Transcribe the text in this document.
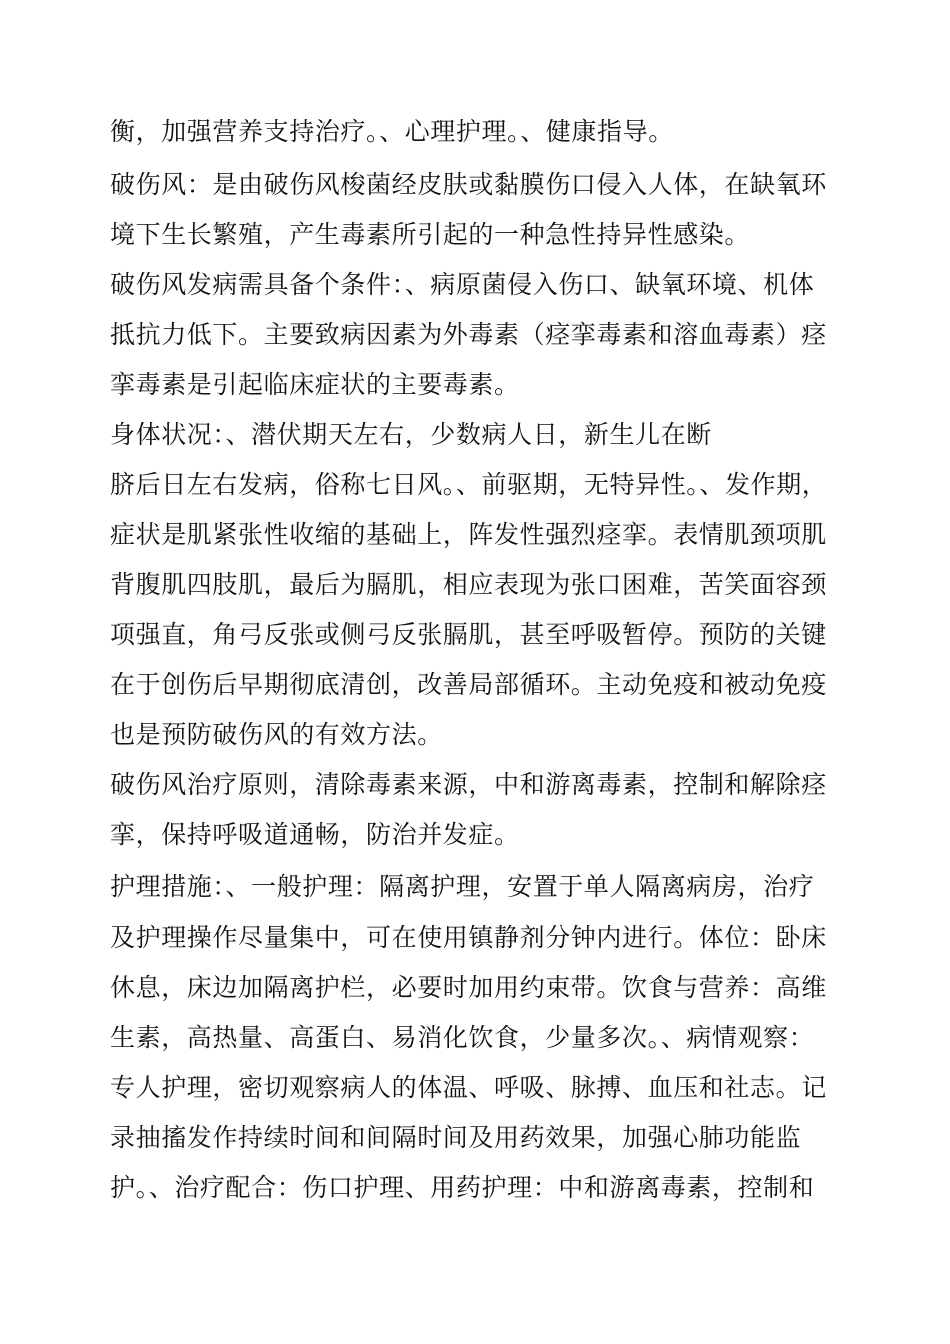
衡，加强营养支持治疗。、心理护理。、健康指导。
破伤风：是由破伤风梭菌经皮肤或黏膜伤口侵入人体，在缺氧环
境下生长繁殖，产生毒素所引起的一种急性持异性感染。
破伤风发病需具备个条件：、病原菌侵入伤口、缺氧环境、机体
抵抗力低下。主要致病因素为外毒素（痉挛毒素和溶血毒素）痉
挛毒素是引起临床症状的主要毒素。
身体状况：、潜伏期天左右，少数病人日，新生儿在断
脐后日左右发病，俗称七日风。、前驱期，无特异性。、发作期，
症状是肌紧张性收缩的基础上，阵发性强烈痉挛。表情肌颈项肌
背腹肌四肢肌，最后为膈肌，相应表现为张口困难，苦笑面容颈
项强直，角弓反张或侧弓反张膈肌，甚至呼吸暂停。预防的关键
在于创伤后早期彻底清创，改善局部循环。主动免疫和被动免疫
也是预防破伤风的有效方法。
破伤风治疗原则，清除毒素来源，中和游离毒素，控制和解除痉
挛，保持呼吸道通畅，防治并发症。
护理措施：、一般护理：隔离护理，安置于单人隔离病房，治疗
及护理操作尽量集中，可在使用镇静剂分钟内进行。体位：卧床
休息，床边加隔离护栏，必要时加用约束带。饮食与营养：高维
生素，高热量、高蛋白、易消化饮食，少量多次。、病情观察：
专人护理，密切观察病人的体温、呼吸、脉搏、血压和社志。记
录抽搐发作持续时间和间隔时间及用药效果，加强心肺功能监
护。、治疗配合：伤口护理、用药护理：中和游离毒素，控制和
